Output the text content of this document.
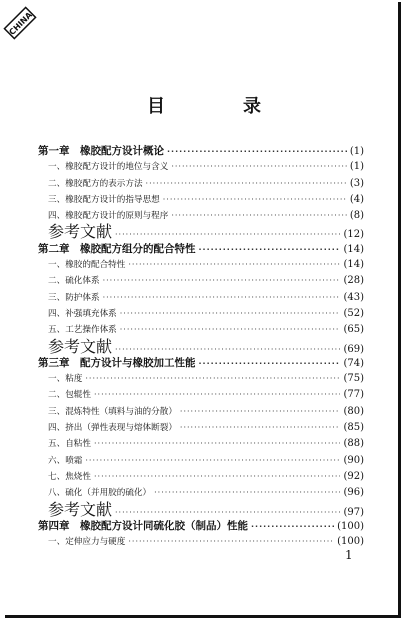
CHINA
目　录
第一章　橡胶配方设计概论 ·····	(1)
一、橡胶配方设计的地位与含义 ·····	(1)
二、橡胶配方的表示方法 ·····	(3)
三、橡胶配方设计的指导思想 ·····	(4)
四、橡胶配方设计的原则与程序 ·····	(8)
参考文献 ·····	(12)
第二章　橡胶配方组分的配合特性 ·····	(14)
一、橡胶的配合特性 ·····	(14)
二、硫化体系 ·····	(28)
三、防护体系 ·····	(43)
四、补强填充体系 ·····	(52)
五、工艺操作体系 ·····	(65)
参考文献 ·····	(69)
第三章　配方设计与橡胶加工性能 ·····	(74)
一、粘度 ·····	(75)
二、包辊性 ·····	(77)
三、混炼特性（填料与油的分散） ·····	(80)
四、挤出（弹性表现与熔体断裂） ·····	(85)
五、自粘性 ·····	(88)
六、喷霜 ·····	(90)
七、焦烧性 ·····	(92)
八、硫化（并用胶的硫化） ·····	(96)
参考文献 ·····	(97)
第四章　橡胶配方设计同硫化胶（制品）性能 ·····	(100)
一、定伸应力与硬度 ·····	(100)
1
